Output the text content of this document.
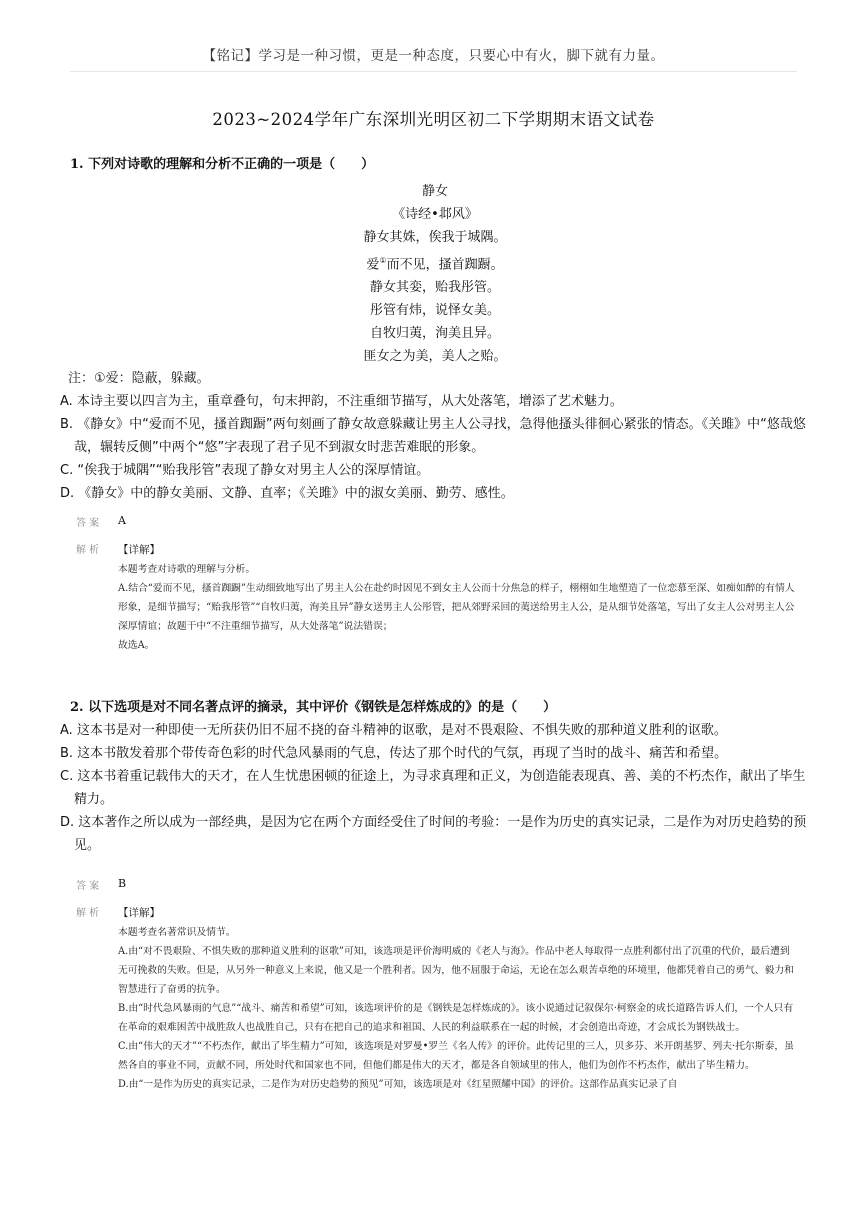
【铭记】学习是一种习惯，更是一种态度，只要心中有火，脚下就有力量。
2023~2024学年广东深圳光明区初二下学期期末语文试卷

1. 下列对诗歌的理解和分析不正确的一项是（　　）

静女
《诗经•邶风》
静女其姝，俟我于城隅。
爱①而不见，搔首踟蹰。
静女其娈，贻我彤管。
彤管有炜，说怿女美。
自牧归荑，洵美且异。
匪女之为美，美人之贻。
注：①爱：隐蔽，躲藏。
A. 本诗主要以四言为主，重章叠句，句末押韵，不注重细节描写，从大处落笔，增添了艺术魅力。
B. 《静女》中“爱而不见，搔首踟蹰”两句刻画了静女故意躲藏让男主人公寻找，急得他搔头徘徊心紧张的情态。《关雎》中“悠哉悠哉，辗转反侧”中两个“悠”字表现了君子见不到淑女时悲苦难眠的形象。
C. “俟我于城隅”“贻我彤管”表现了静女对男主人公的深厚情谊。
D. 《静女》中的静女美丽、文静、直率；《关雎》中的淑女美丽、勤劳、感性。
答 案	A
解 析	【详解】
本题考查对诗歌的理解与分析。
A.结合“爱而不见，搔首踟蹰”生动细致地写出了男主人公在赴约时因见不到女主人公而十分焦急的样子，栩栩如生地塑造了一位恋慕至深、如痴如醉的有情人形象，是细节描写；“贻我彤管”“自牧归荑，洵美且异”静女送男主人公彤管，把从郊野采回的荑送给男主人公，是从细节处落笔，写出了女主人公对男主人公深厚情谊；故题干中“不注重细节描写，从大处落笔”说法错误；
故选A。

2. 以下选项是对不同名著点评的摘录，其中评价《钢铁是怎样炼成的》的是（　　）

A. 这本书是对一种即使一无所获仍旧不屈不挠的奋斗精神的讴歌，是对不畏艰险、不惧失败的那种道义胜利的讴歌。
B. 这本书散发着那个带传奇色彩的时代急风暴雨的气息，传达了那个时代的气氛，再现了当时的战斗、痛苦和希望。
C. 这本书着重记载伟大的天才，在人生忧患困顿的征途上，为寻求真理和正义，为创造能表现真、善、美的不朽杰作，献出了毕生精力。
D. 这本著作之所以成为一部经典，是因为它在两个方面经受住了时间的考验：一是作为历史的真实记录，二是作为对历史趋势的预见。
答 案	B
解 析	【详解】
本题考查名著常识及情节。
A.由“对不畏艰险、不惧失败的那种道义胜利的讴歌”可知，该选项是评价海明威的《老人与海》。作品中老人每取得一点胜利都付出了沉重的代价，最后遭到无可挽救的失败。但是，从另外一种意义上来说，他又是一个胜利者。因为，他不屈服于命运，无论在怎么艰苦卓绝的环境里，他都凭着自己的勇气、毅力和智慧进行了奋勇的抗争。
B.由“时代急风暴雨的气息”“战斗、痛苦和希望”可知，该选项评价的是《钢铁是怎样炼成的》。该小说通过记叙保尔·柯察金的成长道路告诉人们，一个人只有在革命的艰难困苦中战胜敌人也战胜自己，只有在把自己的追求和祖国、人民的利益联系在一起的时候，才会创造出奇迹，才会成长为钢铁战士。
C.由“伟大的天才”“不朽杰作，献出了毕生精力”可知，该选项是对罗曼•罗兰《名人传》的评价。此传记里的三人，贝多芬、米开朗基罗、列夫·托尔斯泰，虽然各自的事业不同，贡献不同，所处时代和国家也不同，但他们都是伟大的天才，都是各自领域里的伟人，他们为创作不朽杰作，献出了毕生精力。
D.由“一是作为历史的真实记录，二是作为对历史趋势的预见”可知，该选项是对《红星照耀中国》的评价。这部作品真实记录了自
